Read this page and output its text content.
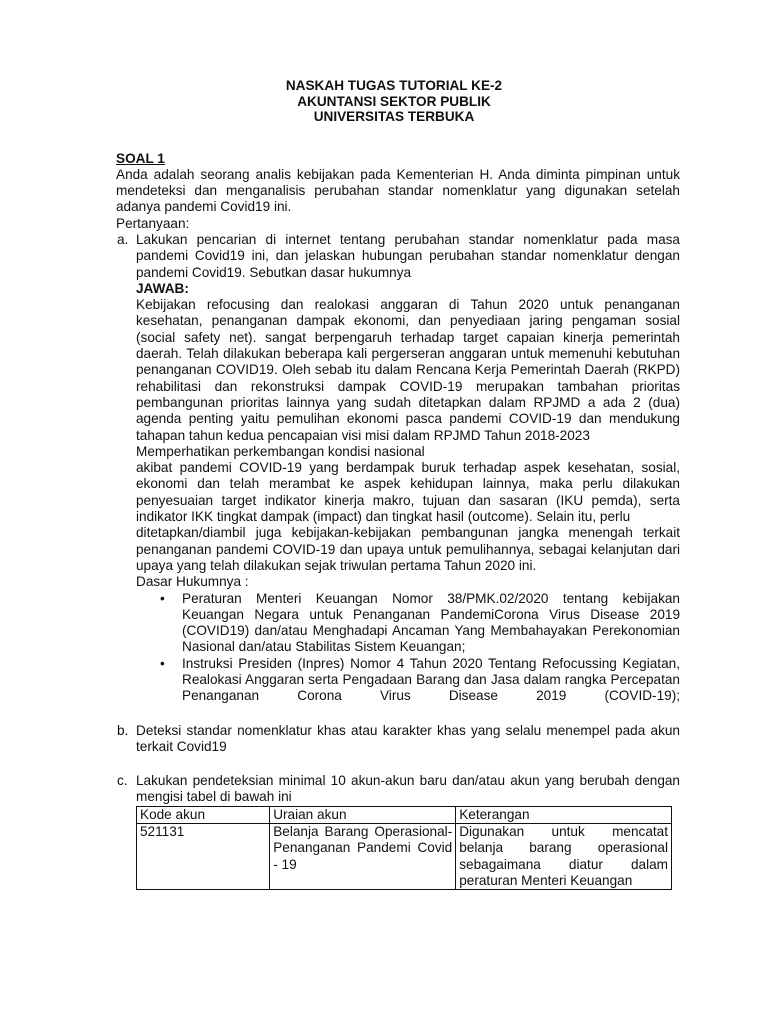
NASKAH TUGAS TUTORIAL KE-2
AKUNTANSI SEKTOR PUBLIK
UNIVERSITAS TERBUKA
SOAL 1

Anda adalah seorang analis kebijakan pada Kementerian H. Anda diminta pimpinan untuk mendeteksi dan menganalisis perubahan standar nomenklatur yang digunakan setelah adanya pandemi Covid19 ini.

Pertanyaan:

a. Lakukan pencarian di internet tentang perubahan standar nomenklatur pada masa pandemi Covid19 ini, dan jelaskan hubungan perubahan standar nomenklatur dengan pandemi Covid19. Sebutkan dasar hukumnya

JAWAB:

Kebijakan refocusing dan realokasi anggaran di Tahun 2020 untuk penanganan kesehatan, penanganan dampak ekonomi, dan penyediaan jaring pengaman sosial (social safety net). sangat berpengaruh terhadap target capaian kinerja pemerintah daerah. Telah dilakukan beberapa kali pergerseran anggaran untuk memenuhi kebutuhan penanganan COVID19. Oleh sebab itu dalam Rencana Kerja Pemerintah Daerah (RKPD) rehabilitasi dan rekonstruksi dampak COVID-19 merupakan tambahan prioritas pembangunan prioritas lainnya yang sudah ditetapkan dalam RPJMD a ada 2 (dua) agenda penting yaitu pemulihan ekonomi pasca pandemi COVID-19 dan mendukung tahapan tahun kedua pencapaian visi misi dalam RPJMD Tahun 2018-2023

Memperhatikan perkembangan kondisi nasional

akibat pandemi COVID-19 yang berdampak buruk terhadap aspek kesehatan, sosial, ekonomi dan telah merambat ke aspek kehidupan lainnya, maka perlu dilakukan penyesuaian target indikator kinerja makro, tujuan dan sasaran (IKU pemda), serta indikator IKK tingkat dampak (impact) dan tingkat hasil (outcome). Selain itu, perlu

ditetapkan/diambil juga kebijakan-kebijakan pembangunan jangka menengah terkait penanganan pandemi COVID-19 dan upaya untuk pemulihannya, sebagai kelanjutan dari upaya yang telah dilakukan sejak triwulan pertama Tahun 2020 ini.

Dasar Hukumnya :

• Peraturan Menteri Keuangan Nomor 38/PMK.02/2020 tentang kebijakan Keuangan Negara untuk Penanganan PandemiCorona Virus Disease 2019 (COVID19) dan/atau Menghadapi Ancaman Yang Membahayakan Perekonomian Nasional dan/atau Stabilitas Sistem Keuangan;
• Instruksi Presiden (Inpres) Nomor 4 Tahun 2020 Tentang Refocussing Kegiatan, Realokasi Anggaran serta Pengadaan Barang dan Jasa dalam rangka Percepatan Penanganan Corona Virus Disease 2019 (COVID-19);
b. Deteksi standar nomenklatur khas atau karakter khas yang selalu menempel pada akun terkait Covid19

c. Lakukan pendeteksian minimal 10 akun-akun baru dan/atau akun yang berubah dengan mengisi tabel di bawah ini

Kode akun	Uraian akun	Keterangan
521131	Belanja Barang Operasional-Penanganan Pandemi Covid - 19	Digunakan untuk mencatat belanja barang operasional sebagaimana diatur dalam peraturan Menteri Keuangan
